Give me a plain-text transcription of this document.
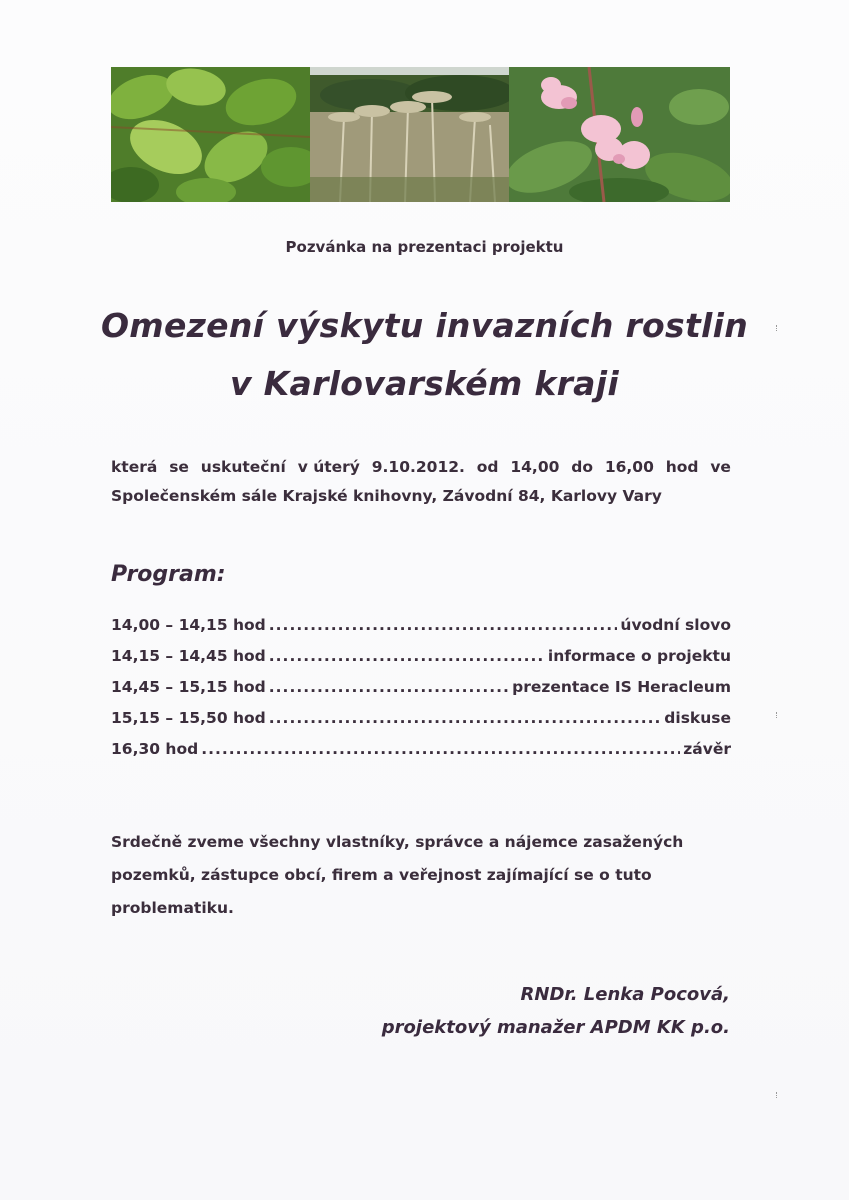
Pozvánka na prezentaci projektu
Omezení výskytu invazních rostlin
v Karlovarském kraji
která se uskuteční v úterý 9.10.2012. od 14,00 do 16,00 hod ve
Společenském sále Krajské knihovny, Závodní 84, Karlovy Vary
Program:
14,00 – 14,15 hod .....	úvodní slovo
14,15 – 14,45 hod .....	informace o projektu
14,45 – 15,15 hod .....	prezentace IS Heracleum
15,15 – 15,50 hod .....	diskuse
16,30 hod .....	závěr
Srdečně zveme všechny vlastníky, správce a nájemce zasažených
pozemků, zástupce obcí, firem a veřejnost zajímající se o tuto
problematiku.
RNDr. Lenka Pocová,
projektový manažer APDM KK p.o.
